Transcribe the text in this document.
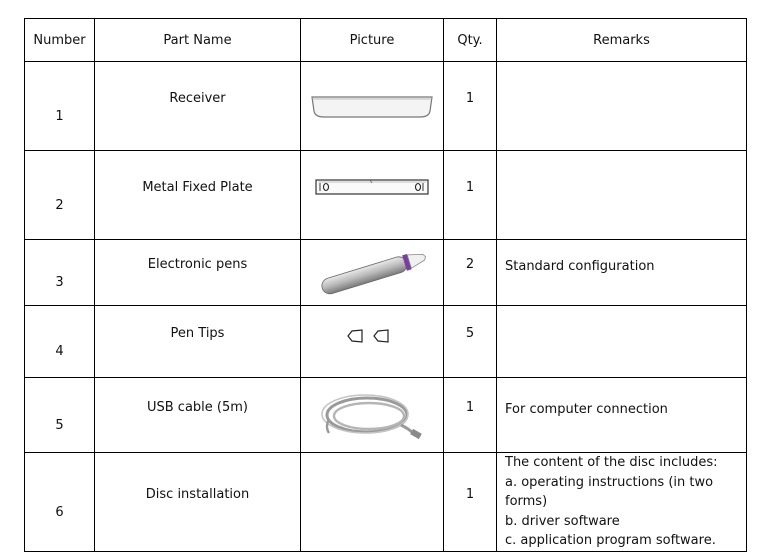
Number	Part Name	Picture	Qty.	Remarks
1	Receiver		1	
2	Metal Fixed Plate		1	
3	Electronic pens		2	Standard configuration
4	Pen Tips		5	
5	USB cable (5m)		1	For computer connection
6	Disc installation		1	The content of the disc includes:
a. operating instructions (in two
forms)
b. driver software
c. application program software.
